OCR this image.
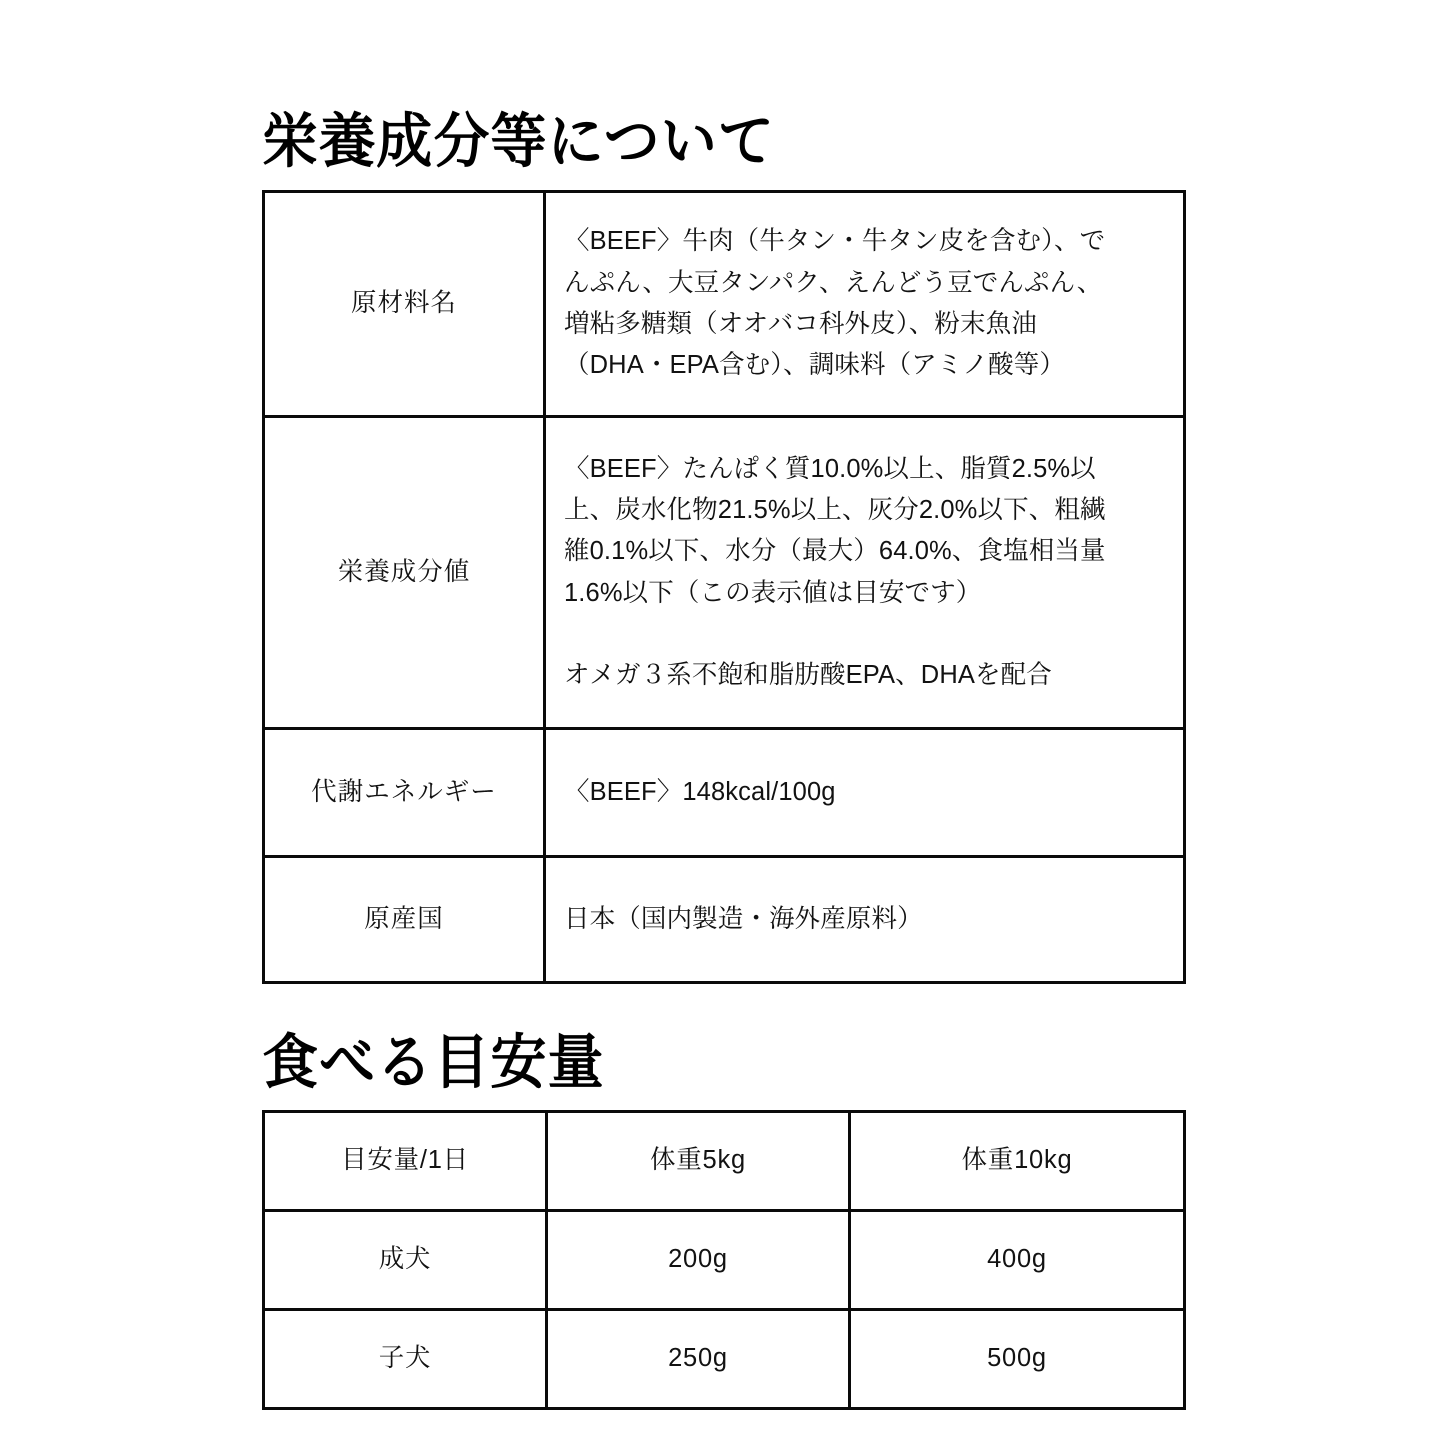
栄養成分等について
原材料名	〈BEEF〉牛肉（牛タン・牛タン皮を含む）、で
んぷん、大豆タンパク、えんどう豆でんぷん、
増粘多糖類（オオバコ科外皮）、粉末魚油
（DHA・EPA含む）、調味料（アミノ酸等）

栄養成分値	〈BEEF〉たんぱく質10.0%以上、脂質2.5%以
上、炭水化物21.5%以上、灰分2.0%以下、粗繊
維0.1%以下、水分（最大）64.0%、食塩相当量
1.6%以下（この表示値は目安です）
オメガ３系不飽和脂肪酸EPA、DHAを配合

代謝エネルギー	〈BEEF〉148kcal/100g

原産国	日本（国内製造・海外産原料）
食べる目安量
目安量/1日	体重5kg	体重10kg
成犬	200g	400g
子犬	250g	500g
